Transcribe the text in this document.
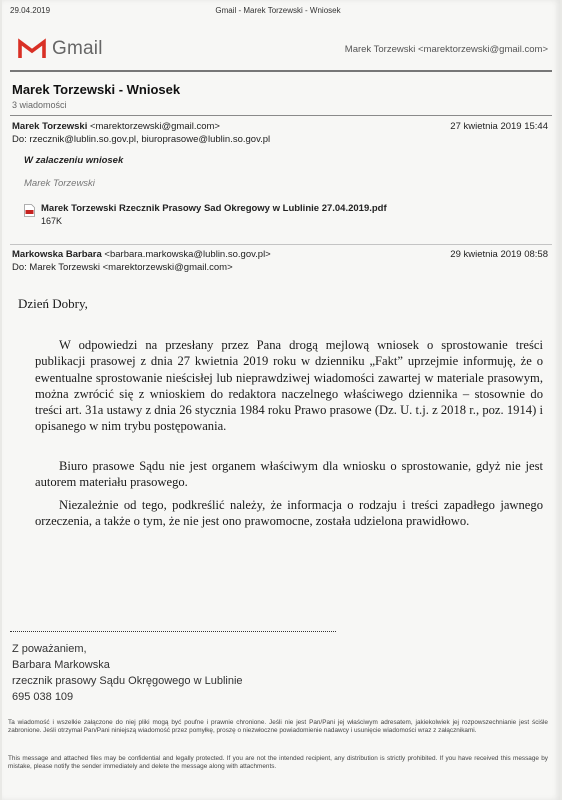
29.04.2019	Gmail - Marek Torzewski - Wniosek
Gmail	Marek Torzewski <marektorzewski@gmail.com>
Marek Torzewski - Wniosek
3 wiadomości
Marek Torzewski <marektorzewski@gmail.com>	27 kwietnia 2019 15:44
Do: rzecznik@lublin.so.gov.pl, biuroprasowe@lublin.so.gov.pl
W zalaczeniu wniosek
Marek Torzewski
Marek Torzewski Rzecznik Prasowy Sad Okregowy w Lublinie 27.04.2019.pdf
167K
Markowska Barbara <barbara.markowska@lublin.so.gov.pl>	29 kwietnia 2019 08:58
Do: Marek Torzewski <marektorzewski@gmail.com>
Dzień Dobry,

W odpowiedzi na przesłany przez Pana drogą mejlową wniosek o sprostowanie treści publikacji prasowej z dnia 27 kwietnia 2019 roku w dzienniku „Fakt” uprzejmie informuję, że o ewentualne sprostowanie nieścisłej lub nieprawdziwej wiadomości zawartej w materiale prasowym, można zwrócić się z wnioskiem do redaktora naczelnego właściwego dziennika – stosownie do treści art. 31a ustawy z dnia 26 stycznia 1984 roku Prawo prasowe (Dz. U. t.j. z 2018 r., poz. 1914) i opisanego w nim trybu postępowania.

Biuro prasowe Sądu nie jest organem właściwym dla wniosku o sprostowanie, gdyż nie jest autorem materiału prasowego.

Niezależnie od tego, podkreślić należy, że informacja o rodzaju i treści zapadłego jawnego orzeczenia, a także o tym, że nie jest ono prawomocne, została udzielona prawidłowo.

Z poważaniem,
Barbara Markowska
rzecznik prasowy Sądu Okręgowego w Lublinie
695 038 109
Ta wiadomość i wszelkie załączone do niej pliki mogą być poufne i prawnie chronione. Jeśli nie jest Pan/Pani jej właściwym adresatem, jakiekolwiek jej rozpowszechnianie jest ściśle zabronione. Jeśli otrzymał Pan/Pani niniejszą wiadomość przez pomyłkę, proszę o niezwłoczne powiadomienie nadawcy i usunięcie wiadomości wraz z załącznikami.
This message and attached files may be confidential and legally protected. If you are not the intended recipient, any distribution is strictly prohibited. If you have received this message by mistake, please notify the sender immediately and delete the message along with attachments.
